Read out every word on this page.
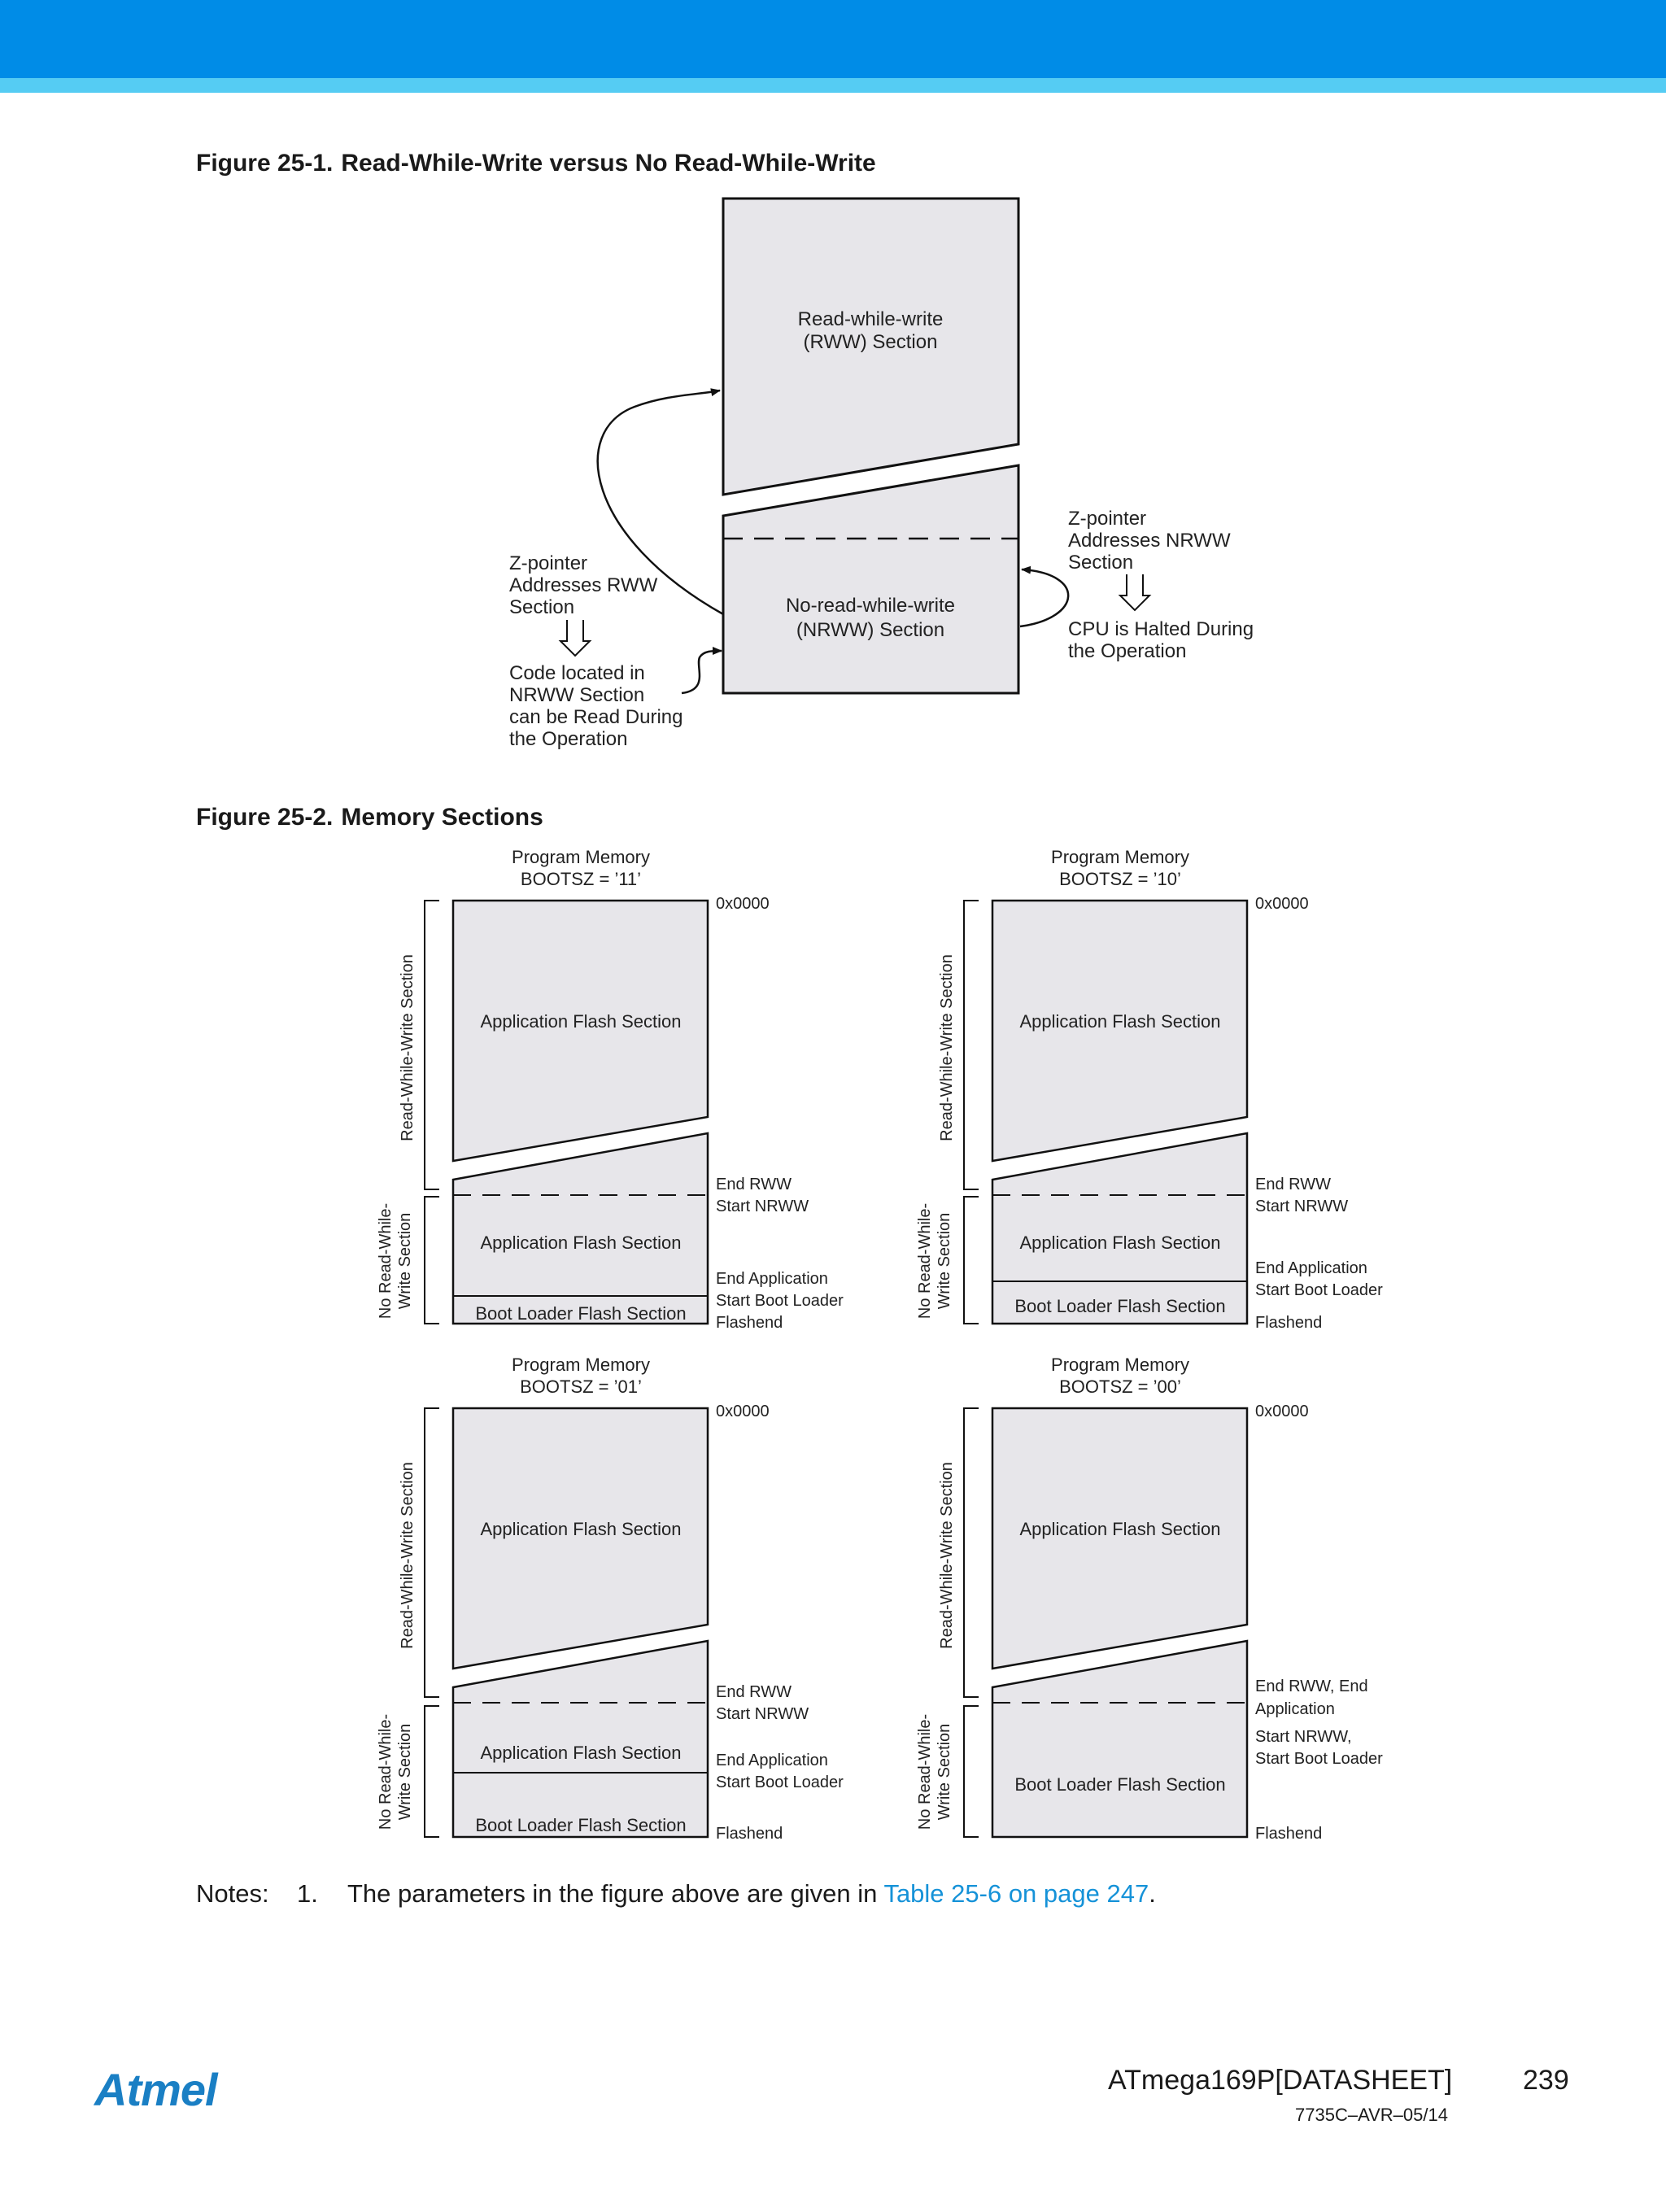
Figure 25-1. Read-While-Write versus No Read-While-Write
Read-while-write
(RWW) Section
No-read-while-write
(NRWW) Section
Z-pointer
Addresses RWW
Section
Code located in
NRWW Section
can be Read During
the Operation
Z-pointer
Addresses NRWW
Section
CPU is Halted During
the Operation
Figure 25-2. Memory Sections
Program Memory
BOOTSZ = ’11’
Application Flash Section
Application Flash Section
Boot Loader Flash Section
Read-While-Write Section
No Read-While- Write Section
0x0000
End RWW
Start NRWW
End Application
Start Boot Loader
Flashend
Program Memory
BOOTSZ = ’10’
Application Flash Section
Application Flash Section
Boot Loader Flash Section
Read-While-Write Section
No Read-While- Write Section
0x0000
End RWW
Start NRWW
End Application
Start Boot Loader
Flashend
Program Memory
BOOTSZ = ’01’
Application Flash Section
Application Flash Section
Boot Loader Flash Section
Read-While-Write Section
No Read-While- Write Section
0x0000
End RWW
Start NRWW
End Application
Start Boot Loader
Flashend
Program Memory
BOOTSZ = ’00’
Application Flash Section
Boot Loader Flash Section
Read-While-Write Section
No Read-While- Write Section
0x0000
End RWW, End
Application
Start NRWW,
Start Boot Loader
Flashend
Notes: 1. The parameters in the figure above are given in Table 25-6 on page 247.
Atmel	ATmega169P[DATASHEET]	239
7735C–AVR–05/14
